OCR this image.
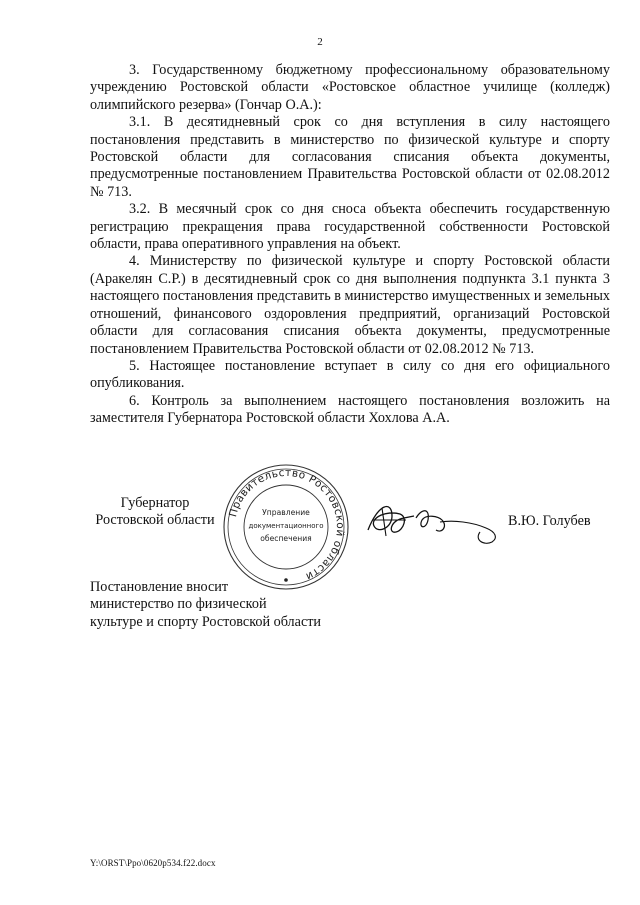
2

3. Государственному бюджетному профессиональному образовательному учреждению Ростовской области «Ростовское областное училище (колледж) олимпийского резерва» (Гончар О.А.):

3.1. В десятидневный срок со дня вступления в силу настоящего постановления представить в министерство по физической культуре и спорту Ростовской области для согласования списания объекта документы, предусмотренные постановлением Правительства Ростовской области от 02.08.2012 № 713.

3.2. В месячный срок со дня сноса объекта обеспечить государственную регистрацию прекращения права государственной собственности Ростовской области, права оперативного управления на объект.

4. Министерству по физической культуре и спорту Ростовской области (Аракелян С.Р.) в десятидневный срок со дня выполнения подпункта 3.1 пункта 3 настоящего постановления представить в министерство имущественных и земельных отношений, финансового оздоровления предприятий, организаций Ростовской области для согласования списания объекта документы, предусмотренные постановлением Правительства Ростовской области от 02.08.2012 № 713.

5. Настоящее постановление вступает в силу со дня его официального опубликования.

6. Контроль за выполнением настоящего постановления возложить на заместителя Губернатора Ростовской области Хохлова А.А.

Губернатор
Ростовской области	Правительство Ростовской области
Управление
документационного
обеспечения
В.Ю. Голубев
Постановление вносит
министерство по физической
культуре и спорту Ростовской области
Y:\ORST\Ppo\0620p534.f22.docx
